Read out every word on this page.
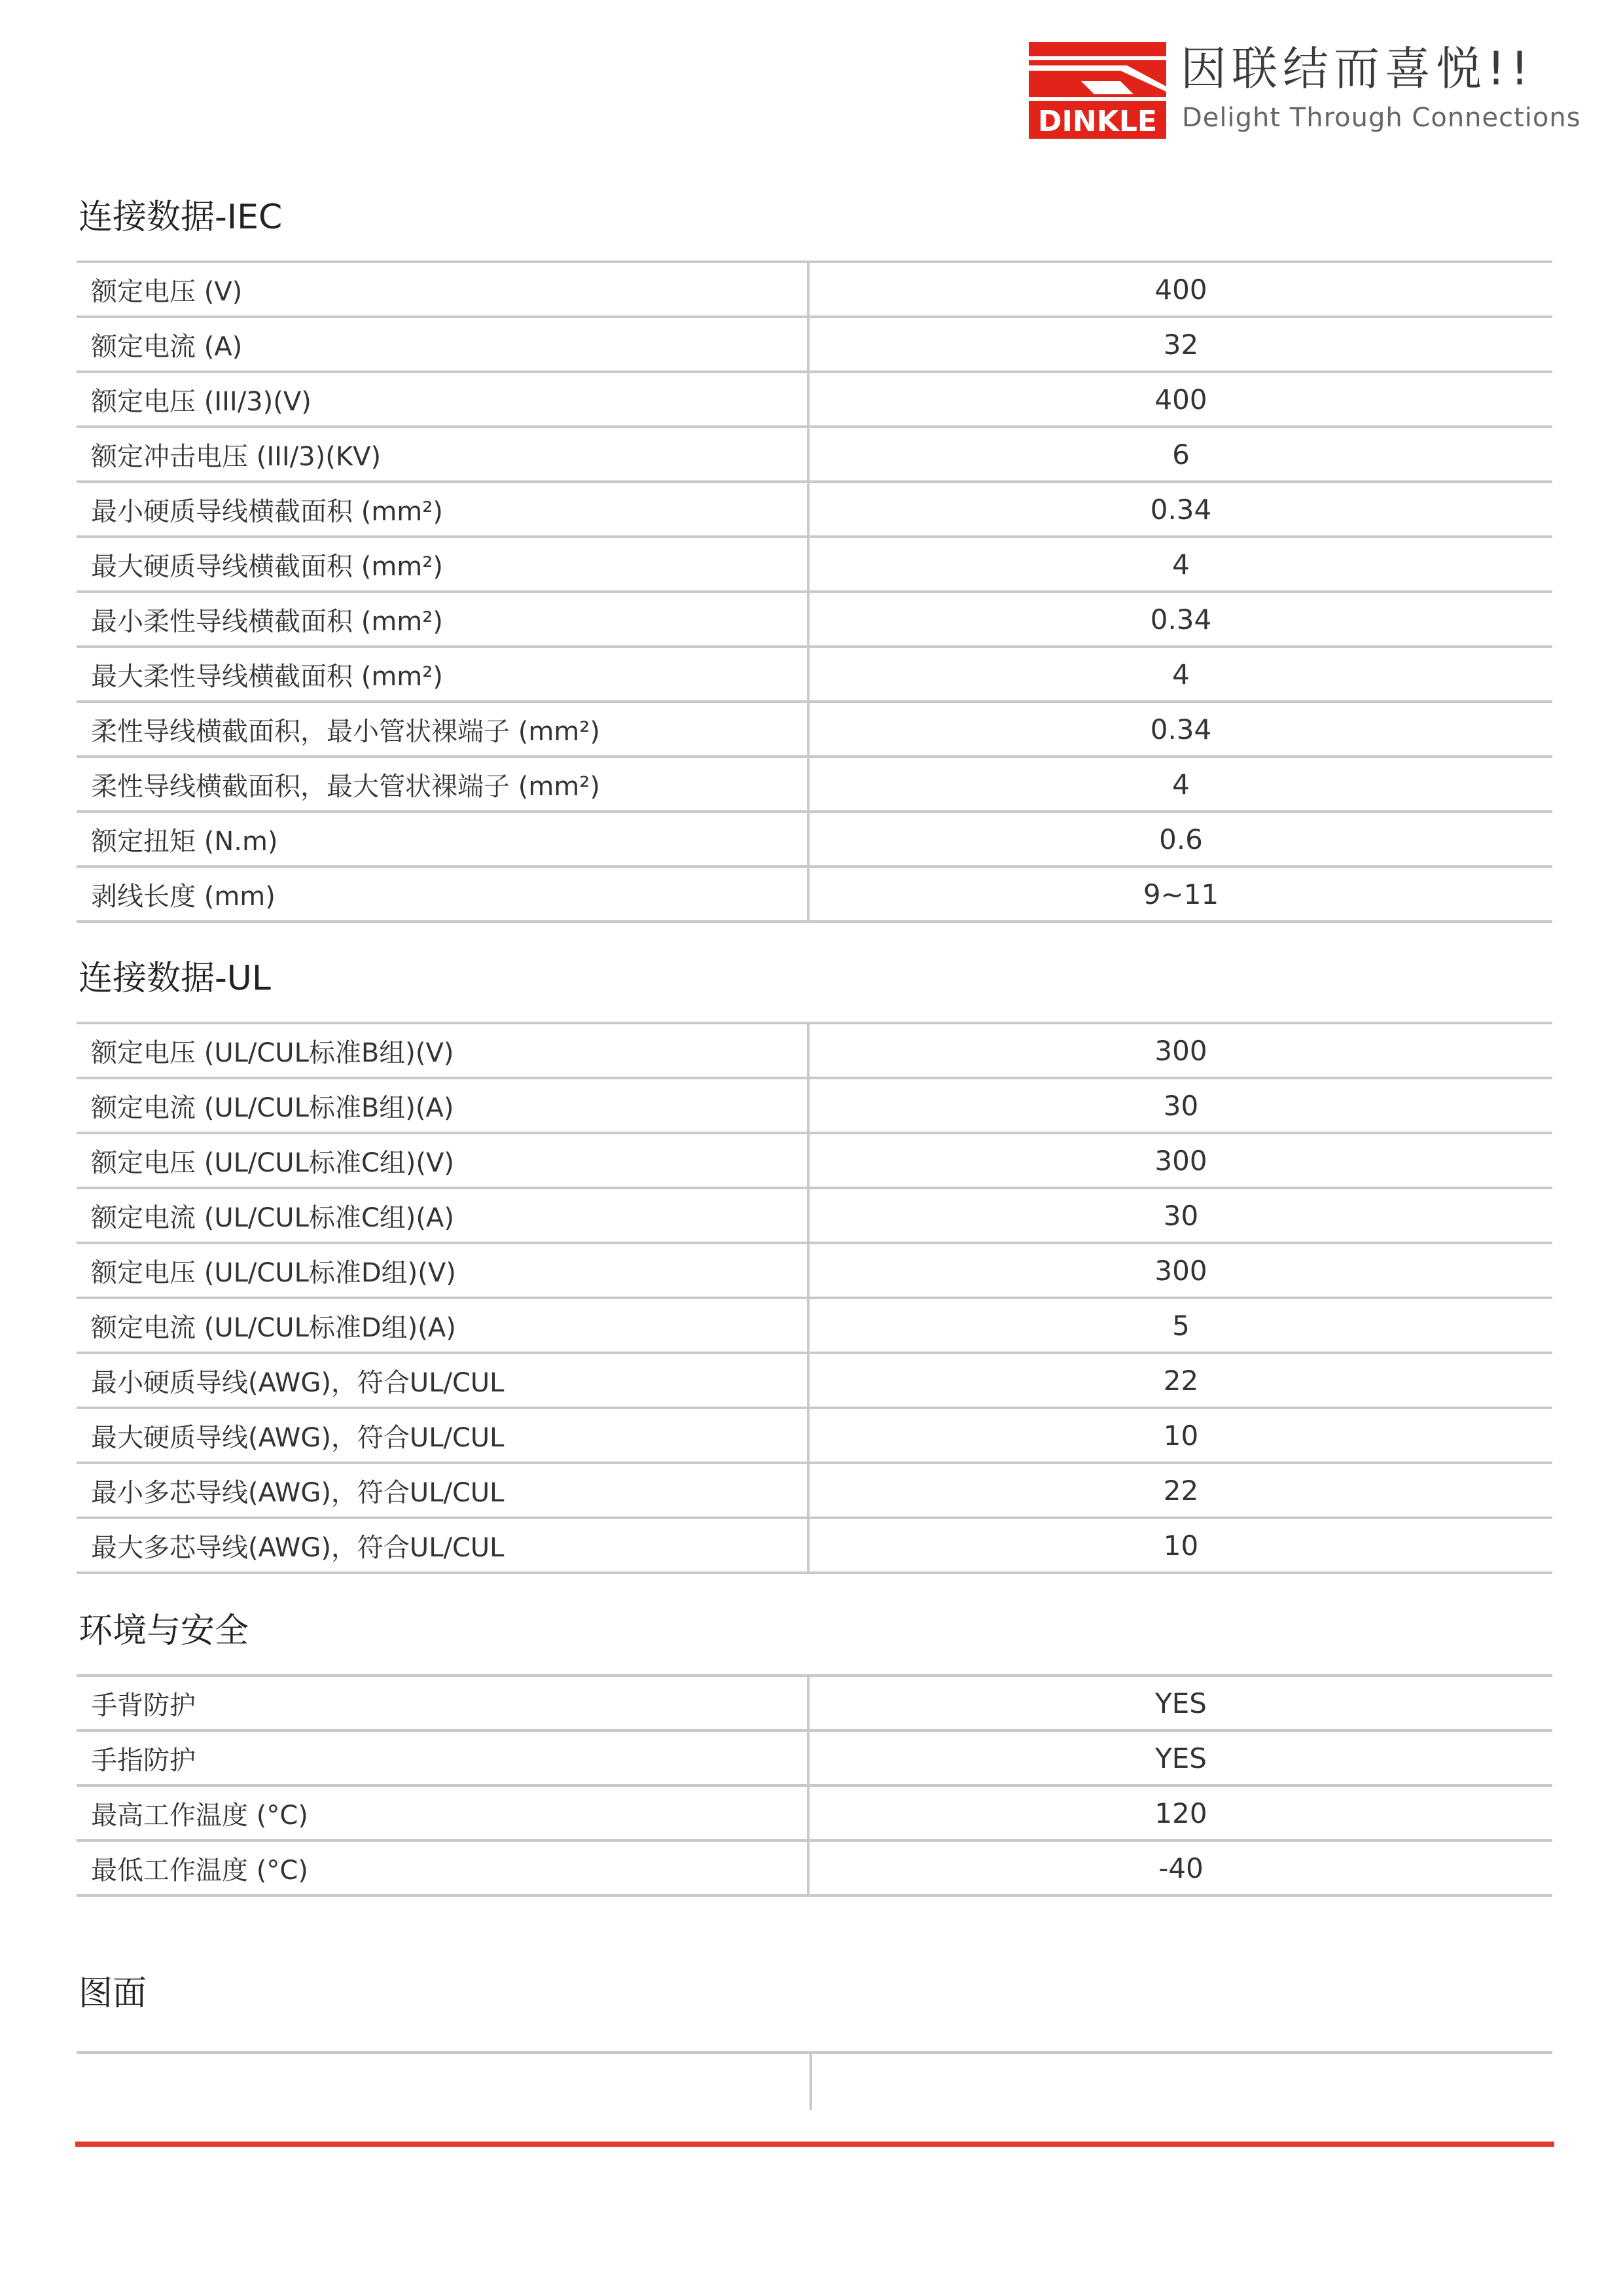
DINKLE
因联结而喜悦!!
Delight Through Connections
连接数据-IEC
额定电压 (V)	400
额定电流 (A)	32
额定电压 (III/3)(V)	400
额定冲击电压 (III/3)(KV)	6
最小硬质导线横截面积 (mm²)	0.34
最大硬质导线横截面积 (mm²)	4
最小柔性导线横截面积 (mm²)	0.34
最大柔性导线横截面积 (mm²)	4
柔性导线横截面积，最小管状裸端子 (mm²)	0.34
柔性导线横截面积，最大管状裸端子 (mm²)	4
额定扭矩 (N.m)	0.6
剥线长度 (mm)	9~11
连接数据-UL
额定电压 (UL/CUL标准B组)(V)	300
额定电流 (UL/CUL标准B组)(A)	30
额定电压 (UL/CUL标准C组)(V)	300
额定电流 (UL/CUL标准C组)(A)	30
额定电压 (UL/CUL标准D组)(V)	300
额定电流 (UL/CUL标准D组)(A)	5
最小硬质导线(AWG)，符合UL/CUL	22
最大硬质导线(AWG)，符合UL/CUL	10
最小多芯导线(AWG)，符合UL/CUL	22
最大多芯导线(AWG)，符合UL/CUL	10
环境与安全
手背防护	YES
手指防护	YES
最高工作温度 (°C)	120
最低工作温度 (°C)	-40
图面
